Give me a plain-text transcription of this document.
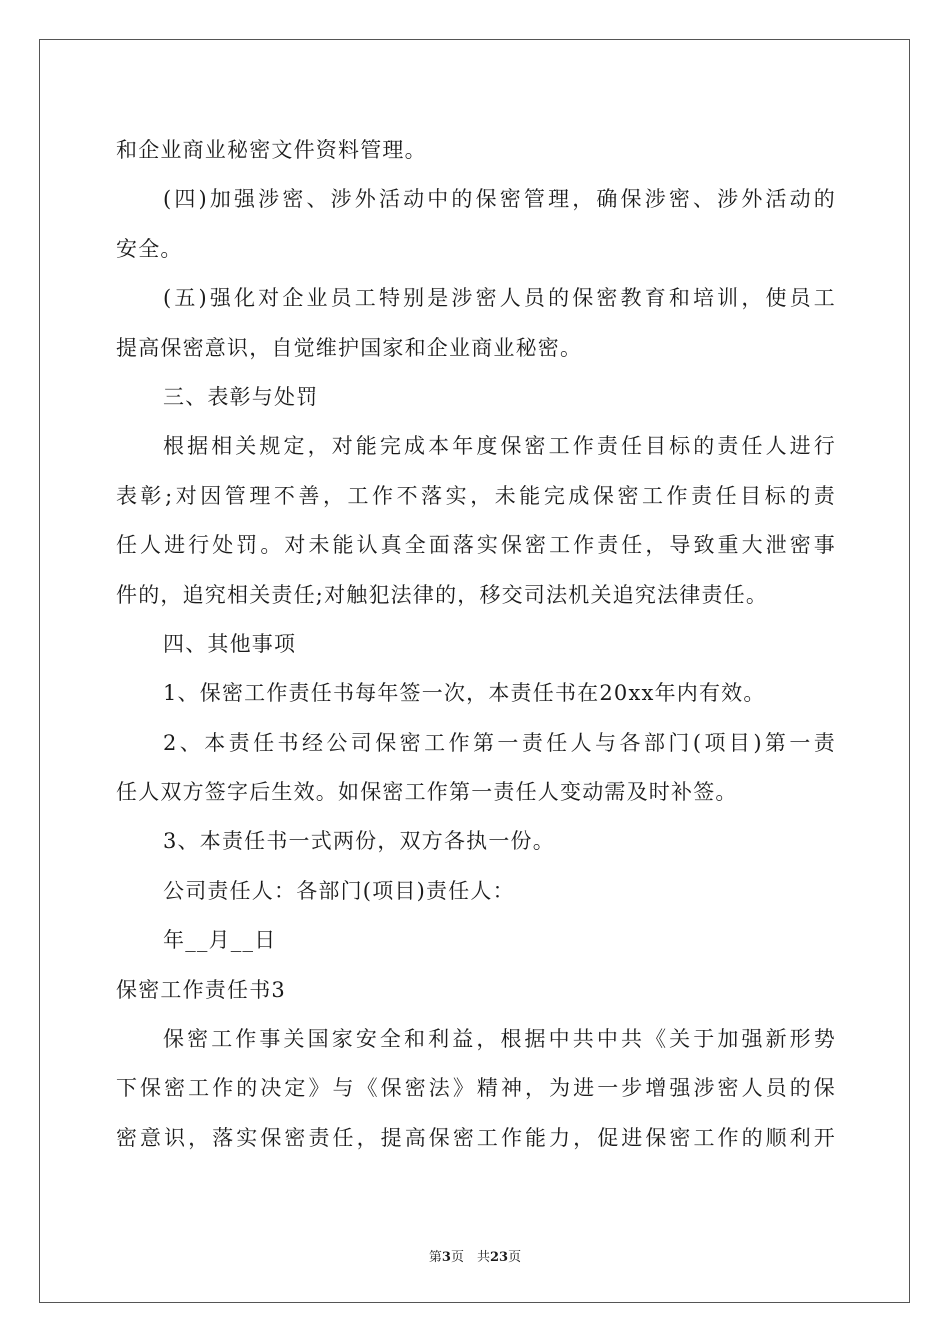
和企业商业秘密文件资料管理。
(四)加强涉密、涉外活动中的保密管理，确保涉密、涉外活动的
安全。
(五)强化对企业员工特别是涉密人员的保密教育和培训，使员工
提高保密意识，自觉维护国家和企业商业秘密。
三、表彰与处罚
根据相关规定，对能完成本年度保密工作责任目标的责任人进行
表彰;对因管理不善，工作不落实，未能完成保密工作责任目标的责
任人进行处罚。对未能认真全面落实保密工作责任，导致重大泄密事
件的，追究相关责任;对触犯法律的，移交司法机关追究法律责任。
四、其他事项
1、保密工作责任书每年签一次，本责任书在20xx年内有效。
2、本责任书经公司保密工作第一责任人与各部门(项目)第一责
任人双方签字后生效。如保密工作第一责任人变动需及时补签。
3、本责任书一式两份，双方各执一份。
公司责任人：各部门(项目)责任人：
年__月__日
保密工作责任书3
保密工作事关国家安全和利益，根据中共中共《关于加强新形势
下保密工作的决定》与《保密法》精神，为进一步增强涉密人员的保
密意识，落实保密责任，提高保密工作能力，促进保密工作的顺利开
第3页　共23页
